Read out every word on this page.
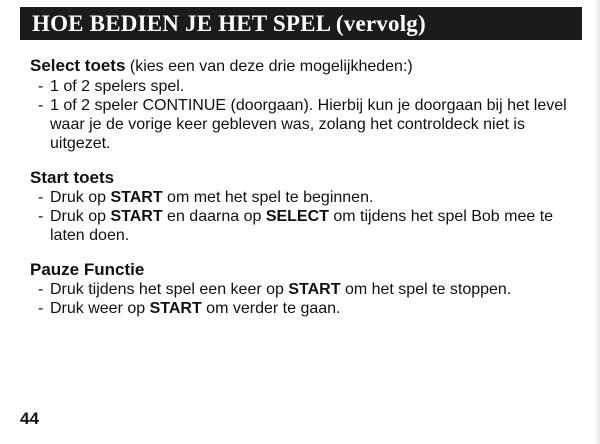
HOE BEDIEN JE HET SPEL (vervolg)
Select toets (kies een van deze drie mogelijkheden:)
- 1 of 2 spelers spel.
- 1 of 2 speler CONTINUE (doorgaan). Hierbij kun je doorgaan bij het level waar je de vorige keer gebleven was, zolang het controldeck niet is uitgezet.
Start toets
- Druk op START om met het spel te beginnen.
- Druk op START en daarna op SELECT om tijdens het spel Bob mee te laten doen.
Pauze Functie
- Druk tijdens het spel een keer op START om het spel te stoppen.
- Druk weer op START om verder te gaan.
44
